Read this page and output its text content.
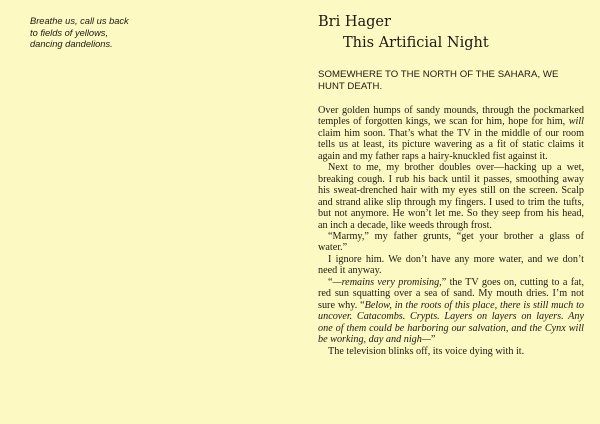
Breathe us, call us back
to fields of yellows,
dancing dandelions.
Bri Hager
This Artificial Night
SOMEWHERE TO THE NORTH OF THE SAHARA, WE HUNT DEATH.

Over golden humps of sandy mounds, through the pockmarked temples of forgotten kings, we scan for him, hope for him, will claim him soon. That’s what the TV in the middle of our room tells us at least, its picture wavering as a fit of static claims it again and my father raps a hairy-knuckled fist against it.

Next to me, my brother doubles over—hacking up a wet, breaking cough. I rub his back until it passes, smoothing away his sweat-drenched hair with my eyes still on the screen. Scalp and strand alike slip through my fingers. I used to trim the tufts, but not anymore. He won’t let me. So they seep from his head, an inch a decade, like weeds through frost.

“Marmy,” my father grunts, “get your brother a glass of water.”

I ignore him. We don’t have any more water, and we don’t need it anyway.

“—remains very promising,” the TV goes on, cutting to a fat, red sun squatting over a sea of sand. My mouth dries. I’m not sure why. “Below, in the roots of this place, there is still much to uncover. Catacombs. Crypts. Layers on layers on layers. Any one of them could be harboring our salvation, and the Cynx will be working, day and nigh—”

The television blinks off, its voice dying with it.
